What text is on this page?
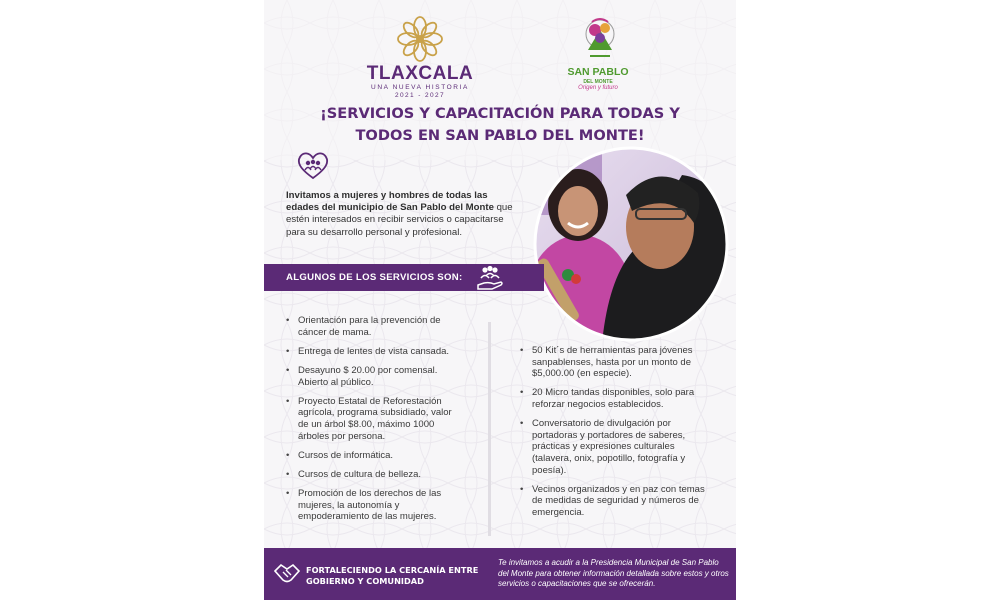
TLAXCALA
UNA NUEVA HISTORIA
2021 - 2027
SAN PABLO
DEL MONTE
Origen y futuro
¡SERVICIOS Y CAPACITACIÓN PARA TODAS Y
TODOS EN SAN PABLO DEL MONTE!
Invitamos a mujeres y hombres de todas las edades del municipio de San Pablo del Monte que estén interesados en recibir servicios o capacitarse para su desarrollo personal y profesional.
ALGUNOS DE LOS SERVICIOS SON:
• Orientación para la prevención de cáncer de mama.
• Entrega de lentes de vista cansada.
• Desayuno $ 20.00 por comensal. Abierto al público.
• Proyecto Estatal de Reforestación agrícola, programa subsidiado, valor de un árbol $8.00, máximo 1000 árboles por persona.
• Cursos de informática.
• Cursos de cultura de belleza.
• Promoción de los derechos de las mujeres, la autonomía y empoderamiento de las mujeres.
• 50 Kit´s de herramientas para jóvenes sanpablenses, hasta por un monto de $5,000.00 (en especie).
• 20 Micro tandas disponibles, solo para reforzar negocios establecidos.
• Conversatorio de divulgación por portadoras y portadores de saberes, prácticas y expresiones culturales (talavera, onix, popotillo, fotografía y poesía).
• Vecinos organizados y en paz con temas de medidas de seguridad y números de emergencia.
FORTALECIENDO LA CERCANÍA ENTRE GOBIERNO Y COMUNIDAD
Te invitamos a acudir a la Presidencia Municipal de San Pablo del Monte para obtener información detallada sobre estos y otros servicios o capacitaciones que se ofrecerán.
